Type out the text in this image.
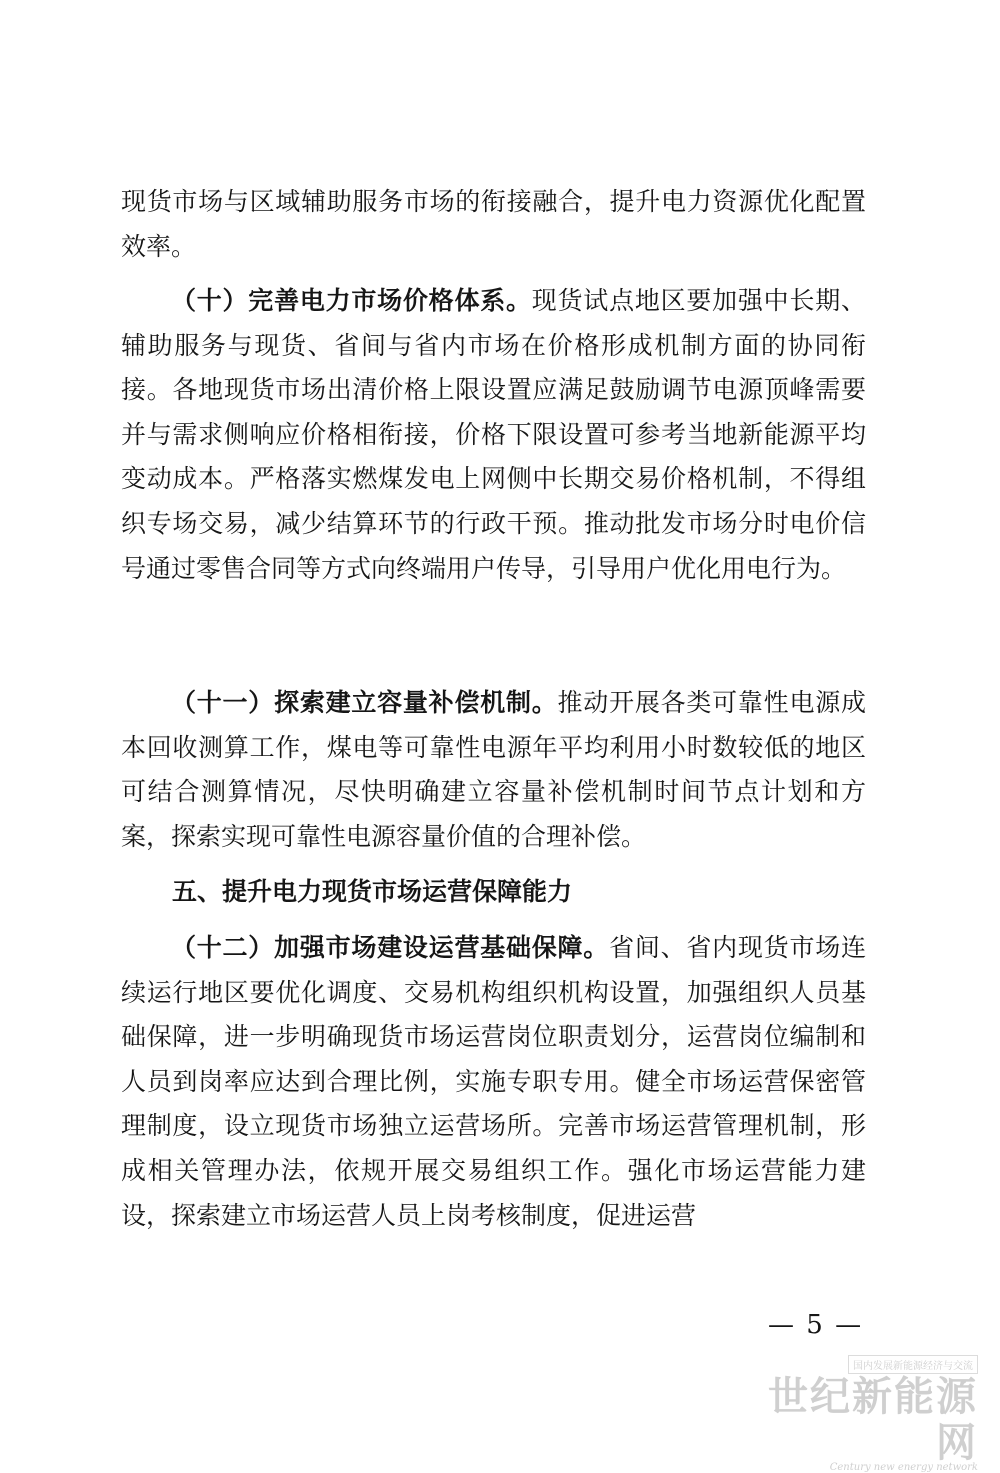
现货市场与区域辅助服务市场的衔接融合，提升电力资源优化配置效率。

（十）完善电力市场价格体系。现货试点地区要加强中长期、辅助服务与现货、省间与省内市场在价格形成机制方面的协同衔接。各地现货市场出清价格上限设置应满足鼓励调节电源顶峰需要并与需求侧响应价格相衔接，价格下限设置可参考当地新能源平均变动成本。严格落实燃煤发电上网侧中长期交易价格机制，不得组织专场交易，减少结算环节的行政干预。推动批发市场分时电价信号通过零售合同等方式向终端用户传导，引导用户优化用电行为。

（十一）探索建立容量补偿机制。推动开展各类可靠性电源成本回收测算工作，煤电等可靠性电源年平均利用小时数较低的地区可结合测算情况，尽快明确建立容量补偿机制时间节点计划和方案，探索实现可靠性电源容量价值的合理补偿。

五、提升电力现货市场运营保障能力

（十二）加强市场建设运营基础保障。省间、省内现货市场连续运行地区要优化调度、交易机构组织机构设置，加强组织人员基础保障，进一步明确现货市场运营岗位职责划分，运营岗位编制和人员到岗率应达到合理比例，实施专职专用。健全市场运营保密管理制度，设立现货市场独立运营场所。完善市场运营管理机制，形成相关管理办法，依规开展交易组织工作。强化市场运营能力建设，探索建立市场运营人员上岗考核制度，促进运营

— 5 —
国内发展新能源经济与交流
世纪新能源网
Century new energy network
